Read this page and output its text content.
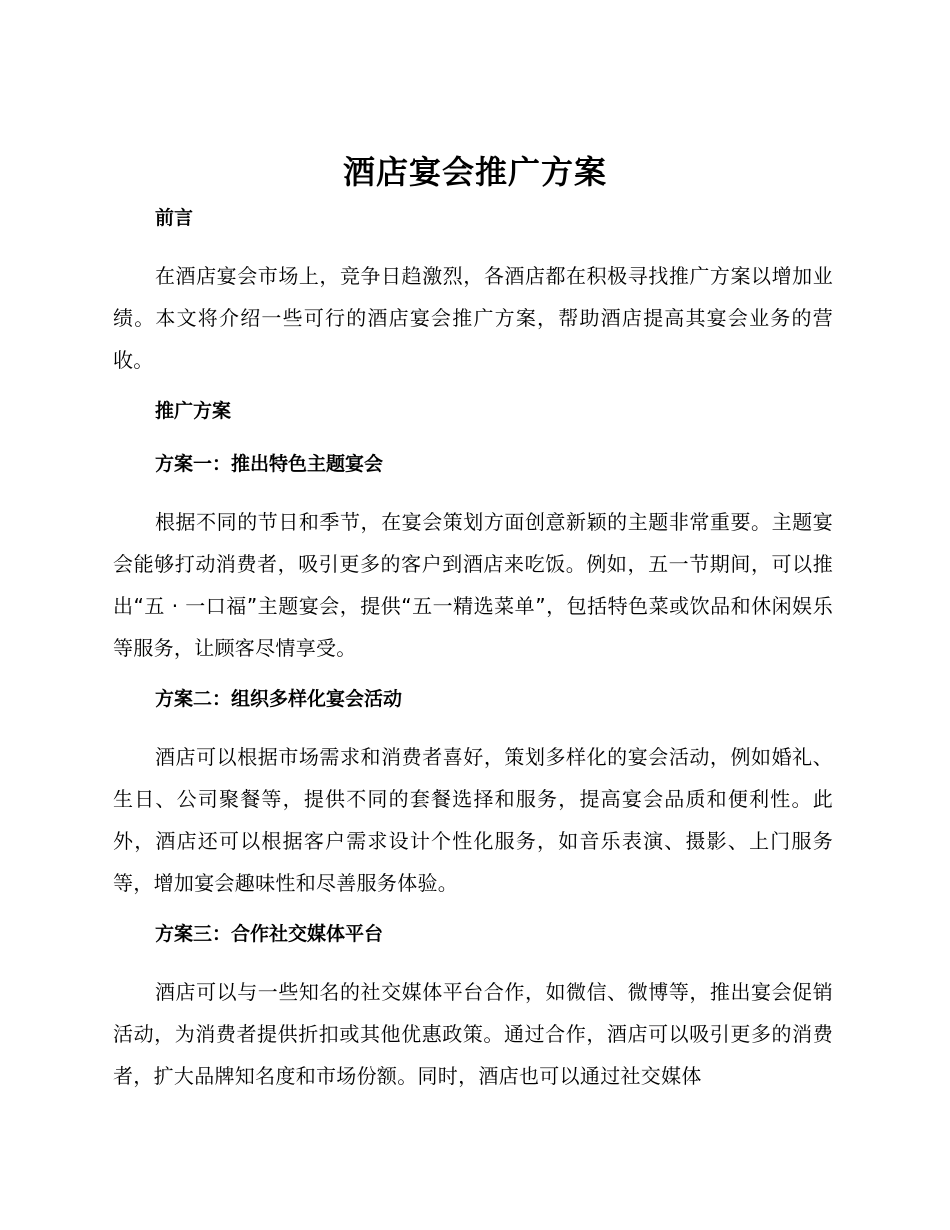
酒店宴会推广方案
前言
在酒店宴会市场上，竞争日趋激烈，各酒店都在积极寻找推广方案以增加业绩。本文将介绍一些可行的酒店宴会推广方案，帮助酒店提高其宴会业务的营收。
推广方案
方案一：推出特色主题宴会
根据不同的节日和季节，在宴会策划方面创意新颖的主题非常重要。主题宴会能够打动消费者，吸引更多的客户到酒店来吃饭。例如，五一节期间，可以推出“五 · 一口福”主题宴会，提供“五一精选菜单”，包括特色菜或饮品和休闲娱乐等服务，让顾客尽情享受。
方案二：组织多样化宴会活动
酒店可以根据市场需求和消费者喜好，策划多样化的宴会活动，例如婚礼、生日、公司聚餐等，提供不同的套餐选择和服务，提高宴会品质和便利性。此外，酒店还可以根据客户需求设计个性化服务，如音乐表演、摄影、上门服务等，增加宴会趣味性和尽善服务体验。
方案三：合作社交媒体平台
酒店可以与一些知名的社交媒体平台合作，如微信、微博等，推出宴会促销活动，为消费者提供折扣或其他优惠政策。通过合作，酒店可以吸引更多的消费者，扩大品牌知名度和市场份额。同时，酒店也可以通过社交媒体
